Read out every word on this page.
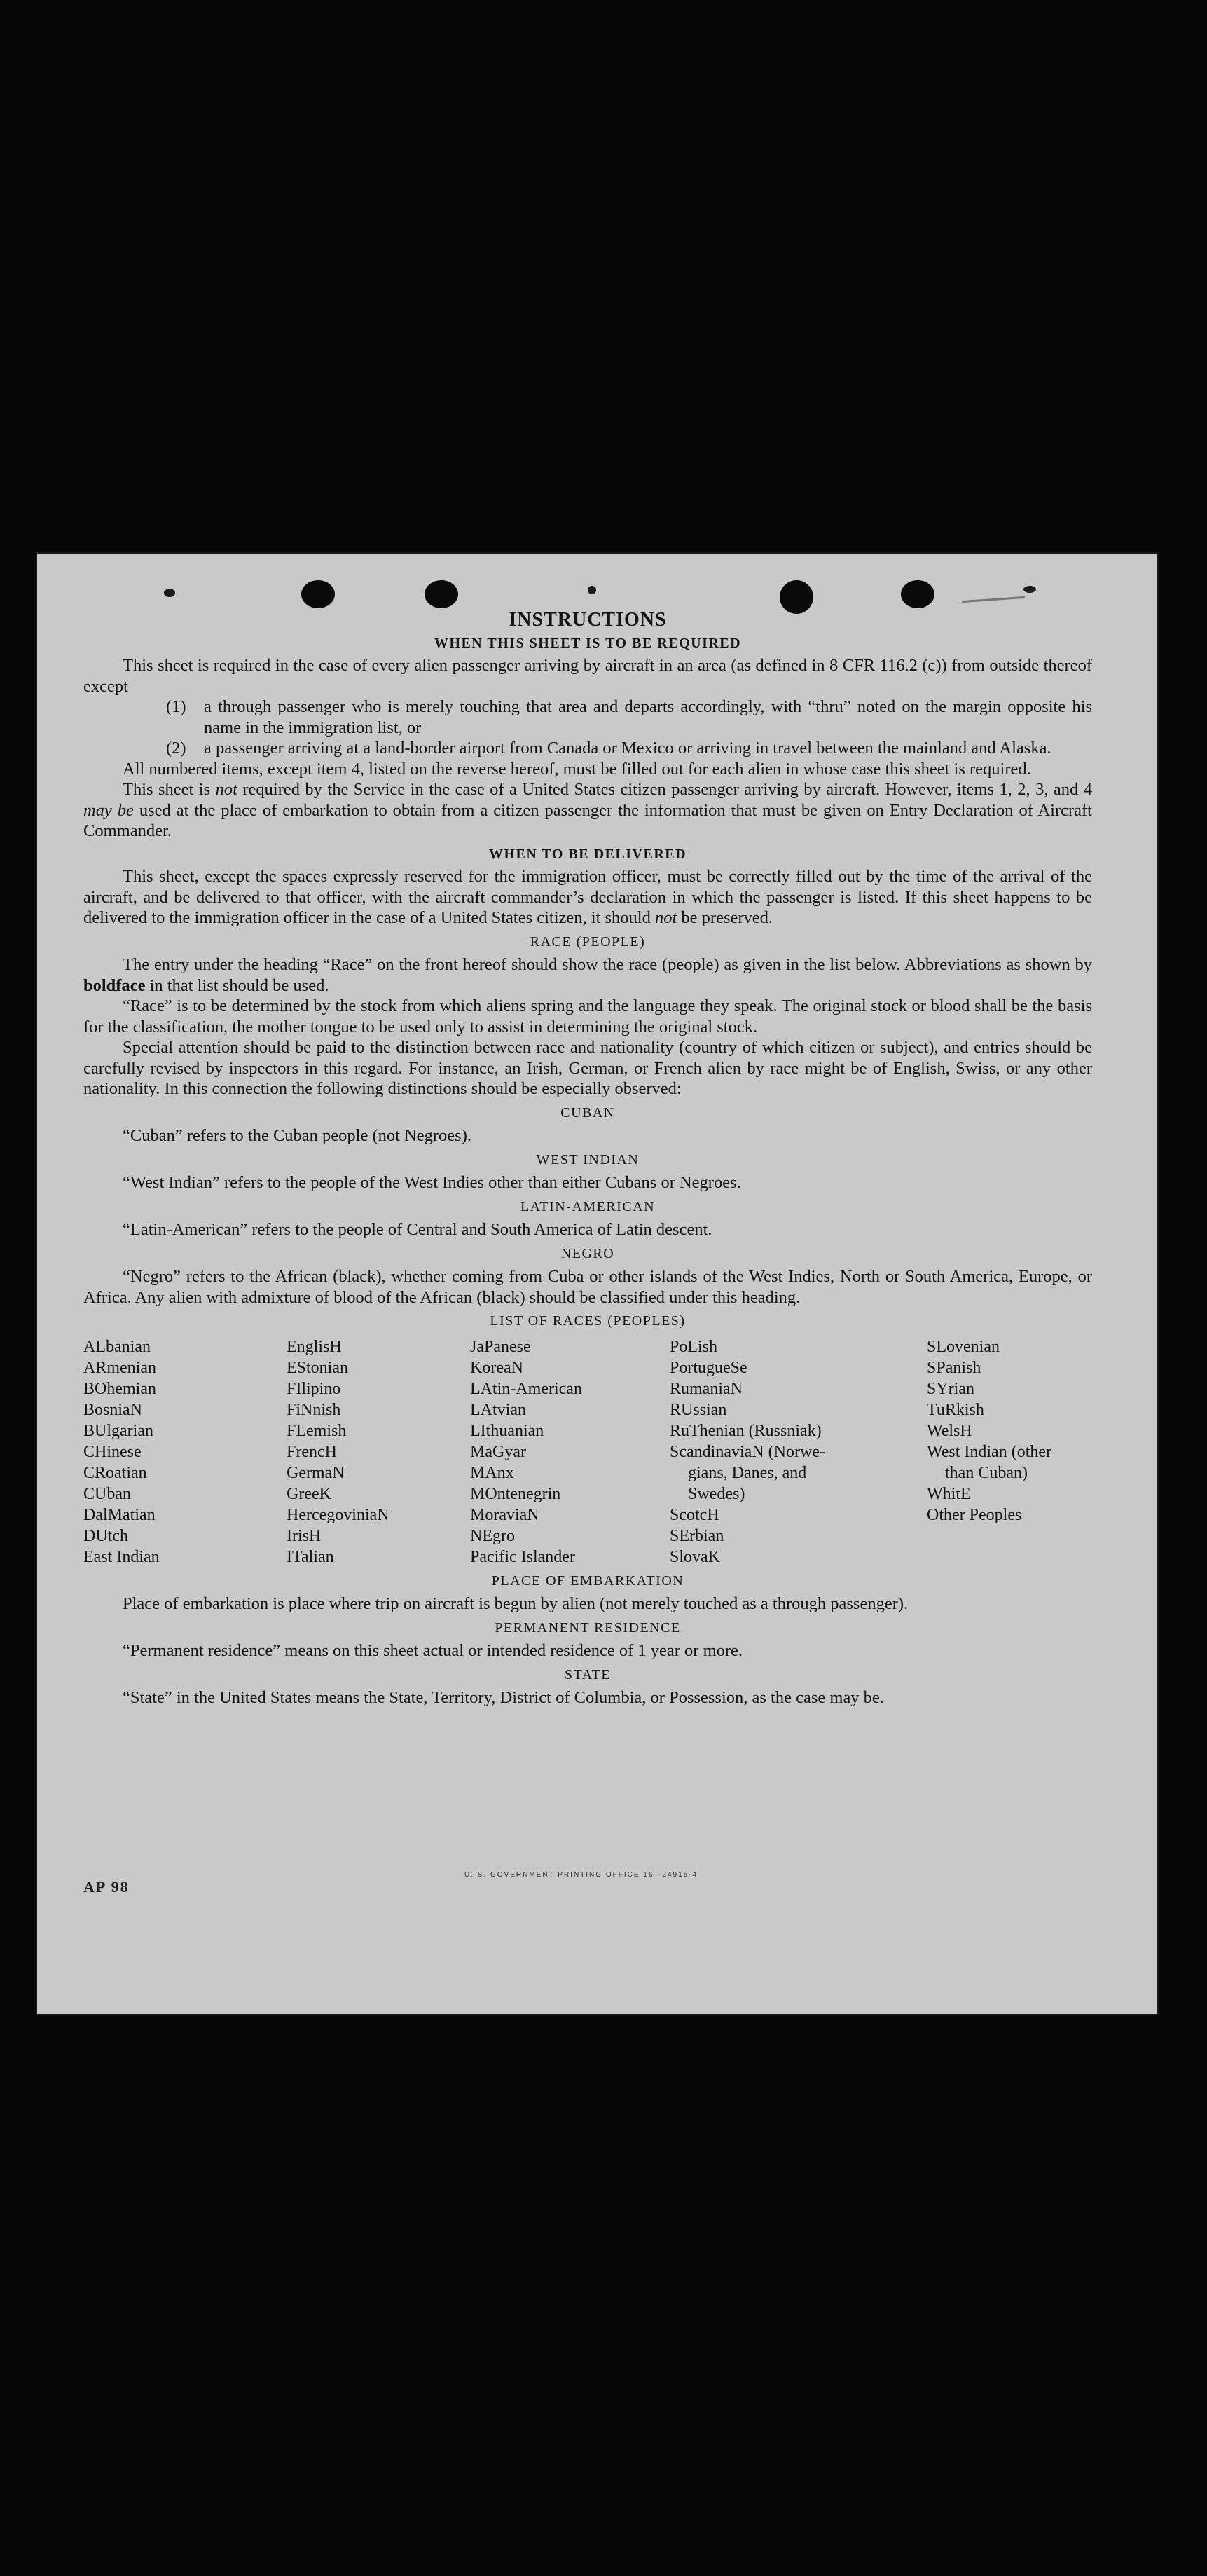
INSTRUCTIONS
WHEN THIS SHEET IS TO BE REQUIRED

This sheet is required in the case of every alien passenger arriving by aircraft in an area (as defined in 8 CFR 116.2 (c)) from outside thereof except

(1)	a through passenger who is merely touching that area and departs accordingly, with “thru” noted on the margin opposite his name in the immigration list, or
(2)	a passenger arriving at a land-border airport from Canada or Mexico or arriving in travel between the mainland and Alaska.

All numbered items, except item 4, listed on the reverse hereof, must be filled out for each alien in whose case this sheet is required.

This sheet is not required by the Service in the case of a United States citizen passenger arriving by aircraft. However, items 1, 2, 3, and 4 may be used at the place of embarkation to obtain from a citizen passenger the information that must be given on Entry Declaration of Aircraft Commander.

WHEN TO BE DELIVERED

This sheet, except the spaces expressly reserved for the immigration officer, must be correctly filled out by the time of the arrival of the aircraft, and be delivered to that officer, with the aircraft commander’s declaration in which the passenger is listed. If this sheet happens to be delivered to the immigration officer in the case of a United States citizen, it should not be preserved.

RACE (PEOPLE)

The entry under the heading “Race” on the front hereof should show the race (people) as given in the list below. Abbreviations as shown by boldface in that list should be used.

“Race” is to be determined by the stock from which aliens spring and the language they speak. The original stock or blood shall be the basis for the classification, the mother tongue to be used only to assist in determining the original stock.

Special attention should be paid to the distinction between race and nationality (country of which citizen or subject), and entries should be carefully revised by inspectors in this regard. For instance, an Irish, German, or French alien by race might be of English, Swiss, or any other nationality. In this connection the following distinctions should be especially observed:

CUBAN

“Cuban” refers to the Cuban people (not Negroes).

WEST INDIAN

“West Indian” refers to the people of the West Indies other than either Cubans or Negroes.

LATIN-AMERICAN

“Latin-American” refers to the people of Central and South America of Latin descent.

NEGRO

“Negro” refers to the African (black), whether coming from Cuba or other islands of the West Indies, North or South America, Europe, or Africa. Any alien with admixture of blood of the African (black) should be classified under this heading.

LIST OF RACES (PEOPLES)
ALbanian
ARmenian
BOhemian
BosniaN
BUlgarian
CHinese
CRoatian
CUban
DalMatian
DUtch
East Indian
EnglisH
EStonian
FIlipino
FiNnish
FLemish
FrencH
GermaN
GreeK
HercegoviniaN
IrisH
ITalian
JaPanese
KoreaN
LAtin-American
LAtvian
LIthuanian
MaGyar
MAnx
MOntenegrin
MoraviaN
NEgro
Pacific Islander
PoLish
PortugueSe
RumaniaN
RUssian
RuThenian (Russniak)
ScandinaviaN (Norwe-
gians, Danes, and
Swedes)
ScotcH
SErbian
SlovaK
SLovenian
SPanish
SYrian
TuRkish
WelsH
West Indian (other
than Cuban)
WhitE
Other Peoples
PLACE OF EMBARKATION

Place of embarkation is place where trip on aircraft is begun by alien (not merely touched as a through passenger).

PERMANENT RESIDENCE

“Permanent residence” means on this sheet actual or intended residence of 1 year or more.

STATE

“State” in the United States means the State, Territory, District of Columbia, or Possession, as the case may be.

U. S. GOVERNMENT PRINTING OFFICE 16—24915-4
AP 98
